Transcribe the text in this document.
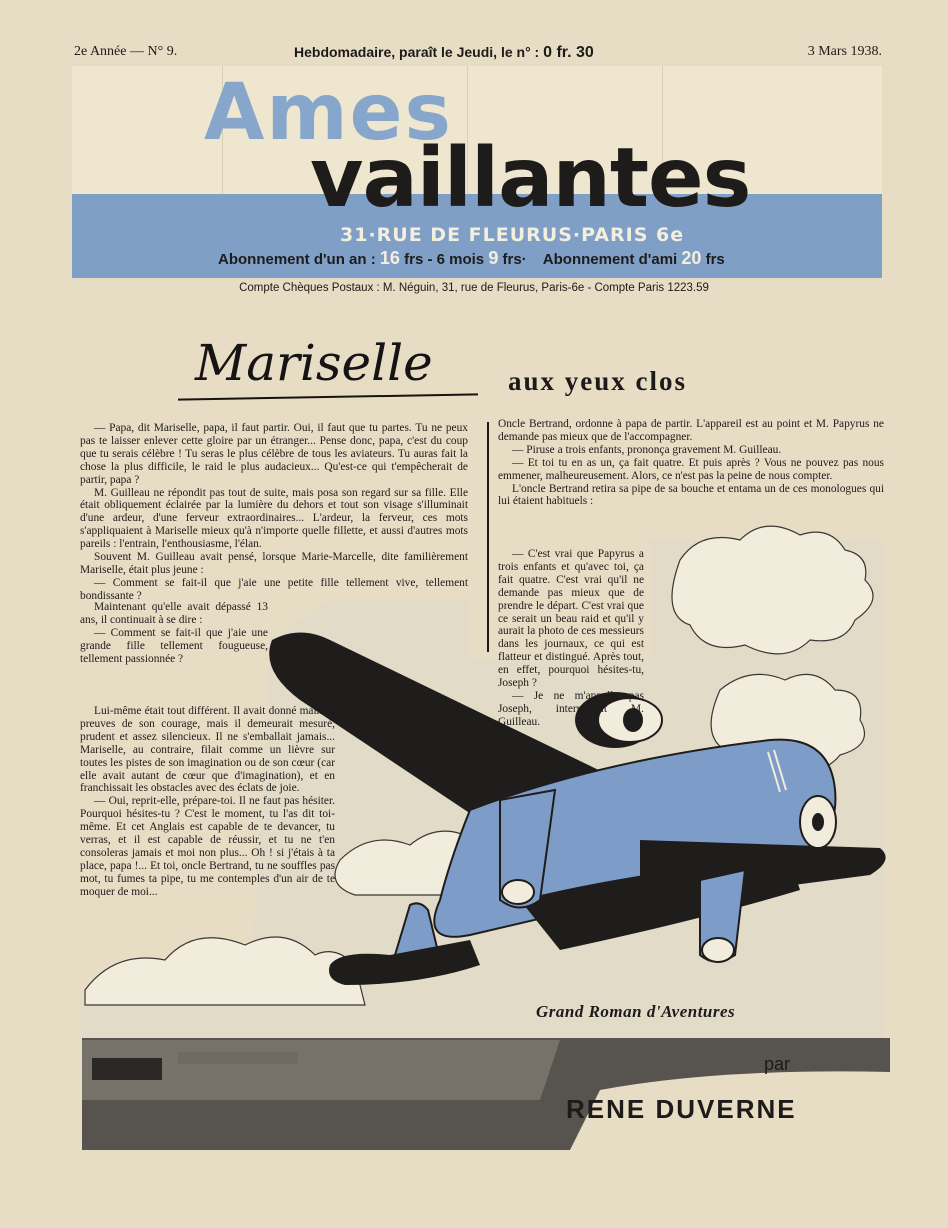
2e Année — N° 9.	Hebdomadaire, paraît le Jeudi, le n° : 0 fr. 30	3 Mars 1938.
Ames
vaillantes
31·RUE DE FLEURUS·PARIS 6e
Abonnement d'un an : 16 frs - 6 mois 9 frs· Abonnement d'ami 20 frs
Compte Chèques Postaux : M. Néguin, 31, rue de Fleurus, Paris-6e - Compte Paris 1223.59
Mariselle	aux yeux clos

— Papa, dit Mariselle, papa, il faut partir. Oui, il faut que tu partes. Tu ne peux pas te laisser enlever cette gloire par un étranger... Pense donc, papa, c'est du coup que tu serais célèbre ! Tu seras le plus célèbre de tous les aviateurs. Tu auras fait la chose la plus difficile, le raid le plus audacieux... Qu'est-ce qui t'empêcherait de partir, papa ?

M. Guilleau ne répondit pas tout de suite, mais posa son regard sur sa fille. Elle était obliquement éclairée par la lumière du dehors et tout son visage s'illuminait d'une ardeur, d'une ferveur extraordinaires... L'ardeur, la ferveur, ces mots s'appliquaient à Mariselle mieux qu'à n'importe quelle fillette, et aussi d'autres mots pareils : l'entrain, l'enthousiasme, l'élan.

Souvent M. Guilleau avait pensé, lorsque Marie-Marcelle, dite familièrement Mariselle, était plus jeune :

— Comment se fait-il que j'aie une petite fille tellement vive, tellement bondissante ?

Maintenant qu'elle avait dépassé 13 ans, il continuait à se dire :

— Comment se fait-il que j'aie une grande fille tellement fougueuse, tellement passionnée ?

Lui-même était tout différent. Il avait donné maintes preuves de son courage, mais il demeurait mesuré, prudent et assez silencieux. Il ne s'emballait jamais... Mariselle, au contraire, filait comme un lièvre sur toutes les pistes de son imagination ou de son cœur (car elle avait autant de cœur que d'imagination), et en franchissait les obstacles avec des éclats de joie.

— Oui, reprit-elle, prépare-toi. Il ne faut pas hésiter. Pourquoi hésites-tu ? C'est le moment, tu l'as dit toi-même. Et cet Anglais est capable de te devancer, tu verras, et il est capable de réussir, et tu ne t'en consoleras jamais et moi non plus... Oh ! si j'étais à ta place, papa !... Et toi, oncle Bertrand, tu ne souffles pas mot, tu fumes ta pipe, tu me contemples d'un air de te moquer de moi...

Oncle Bertrand, ordonne à papa de partir. L'appareil est au point et M. Papyrus ne demande pas mieux que de l'accompagner.

— Piruse a trois enfants, prononça gravement M. Guilleau.

— Et toi tu en as un, ça fait quatre. Et puis après ? Vous ne pouvez pas nous emmener, malheureusement. Alors, ce n'est pas la peine de nous compter.

L'oncle Bertrand retira sa pipe de sa bouche et entama un de ces monologues qui lui étaient habituels :

— C'est vrai que Papyrus a trois enfants et qu'avec toi, ça fait quatre. C'est vrai qu'il ne demande pas mieux que de prendre le départ. C'est vrai que ce serait un beau raid et qu'il y aurait la photo de ces messieurs dans les journaux, ce qui est flatteur et distingué. Après tout, en effet, pourquoi hésites-tu, Joseph ?

— Je ne m'appelle pas Joseph, interrompit M. Guilleau.

Grand Roman d'Aventures
par
RENE DUVERNE
